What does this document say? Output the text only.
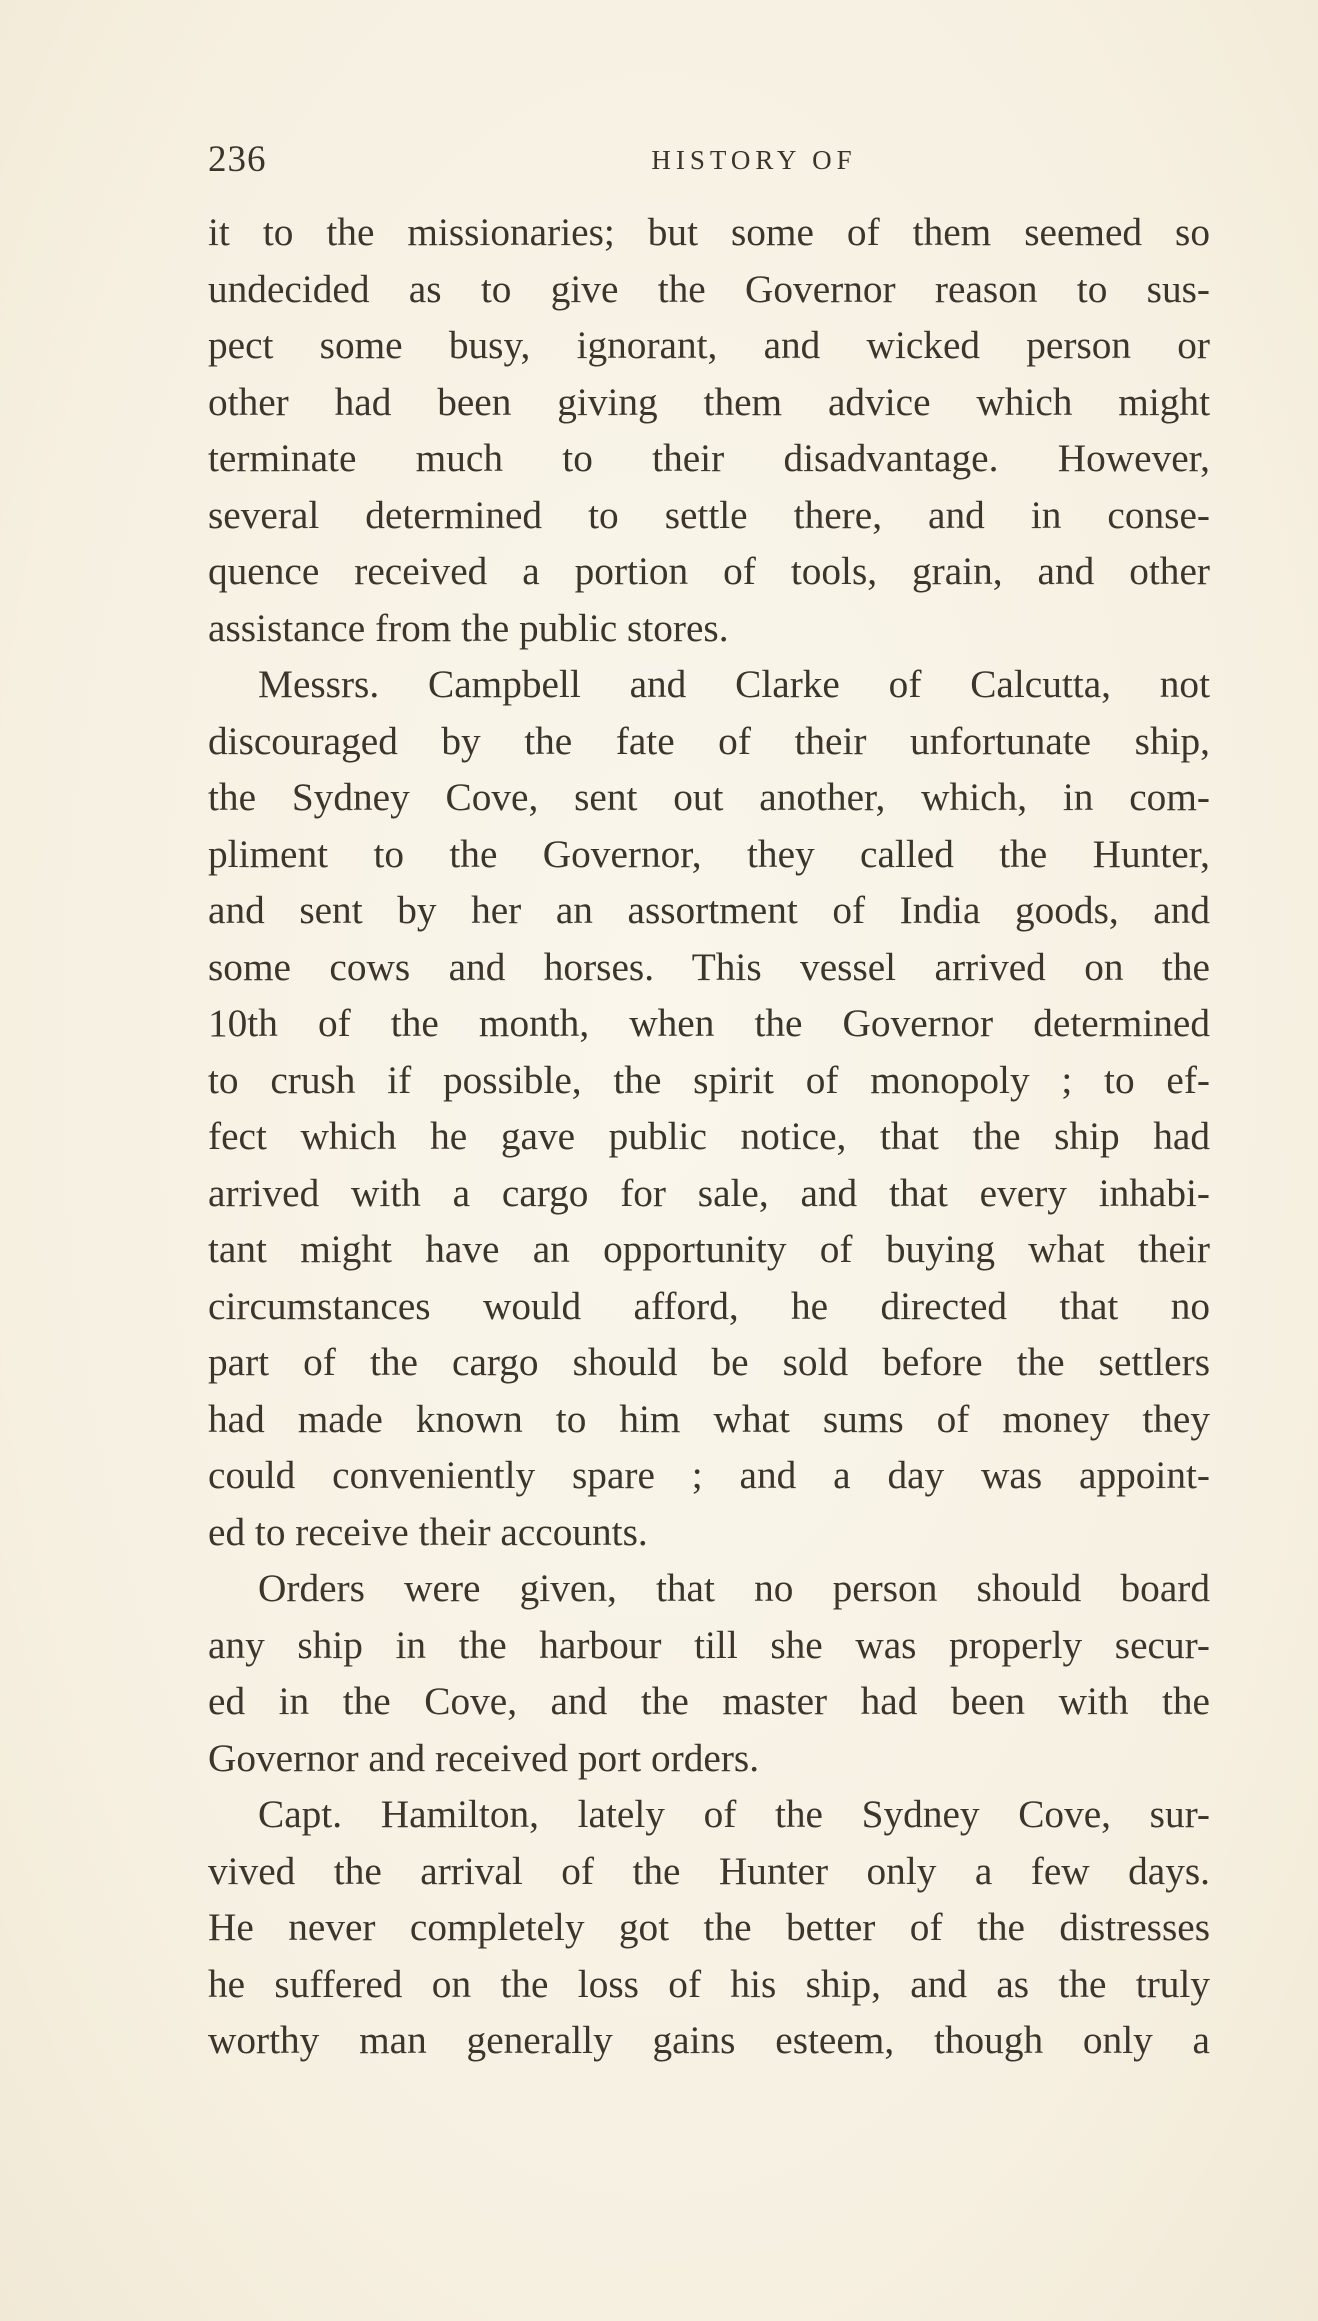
236	HISTORY OF
it to the missionaries; but some of them seemed so
undecided as to give the Governor reason to sus-
pect some busy, ignorant, and wicked person or
other had been giving them advice which might
terminate much to their disadvantage. However,
several determined to settle there, and in conse-
quence received a portion of tools, grain, and other
assistance from the public stores.
Messrs. Campbell and Clarke of Calcutta, not
discouraged by the fate of their unfortunate ship,
the Sydney Cove, sent out another, which, in com-
pliment to the Governor, they called the Hunter,
and sent by her an assortment of India goods, and
some cows and horses. This vessel arrived on the
10th of the month, when the Governor determined
to crush if possible, the spirit of monopoly ; to ef-
fect which he gave public notice, that the ship had
arrived with a cargo for sale, and that every inhabi-
tant might have an opportunity of buying what their
circumstances would afford, he directed that no
part of the cargo should be sold before the settlers
had made known to him what sums of money they
could conveniently spare ; and a day was appoint-
ed to receive their accounts.
Orders were given, that no person should board
any ship in the harbour till she was properly secur-
ed in the Cove, and the master had been with the
Governor and received port orders.
Capt. Hamilton, lately of the Sydney Cove, sur-
vived the arrival of the Hunter only a few days.
He never completely got the better of the distresses
he suffered on the loss of his ship, and as the truly
worthy man generally gains esteem, though only a
